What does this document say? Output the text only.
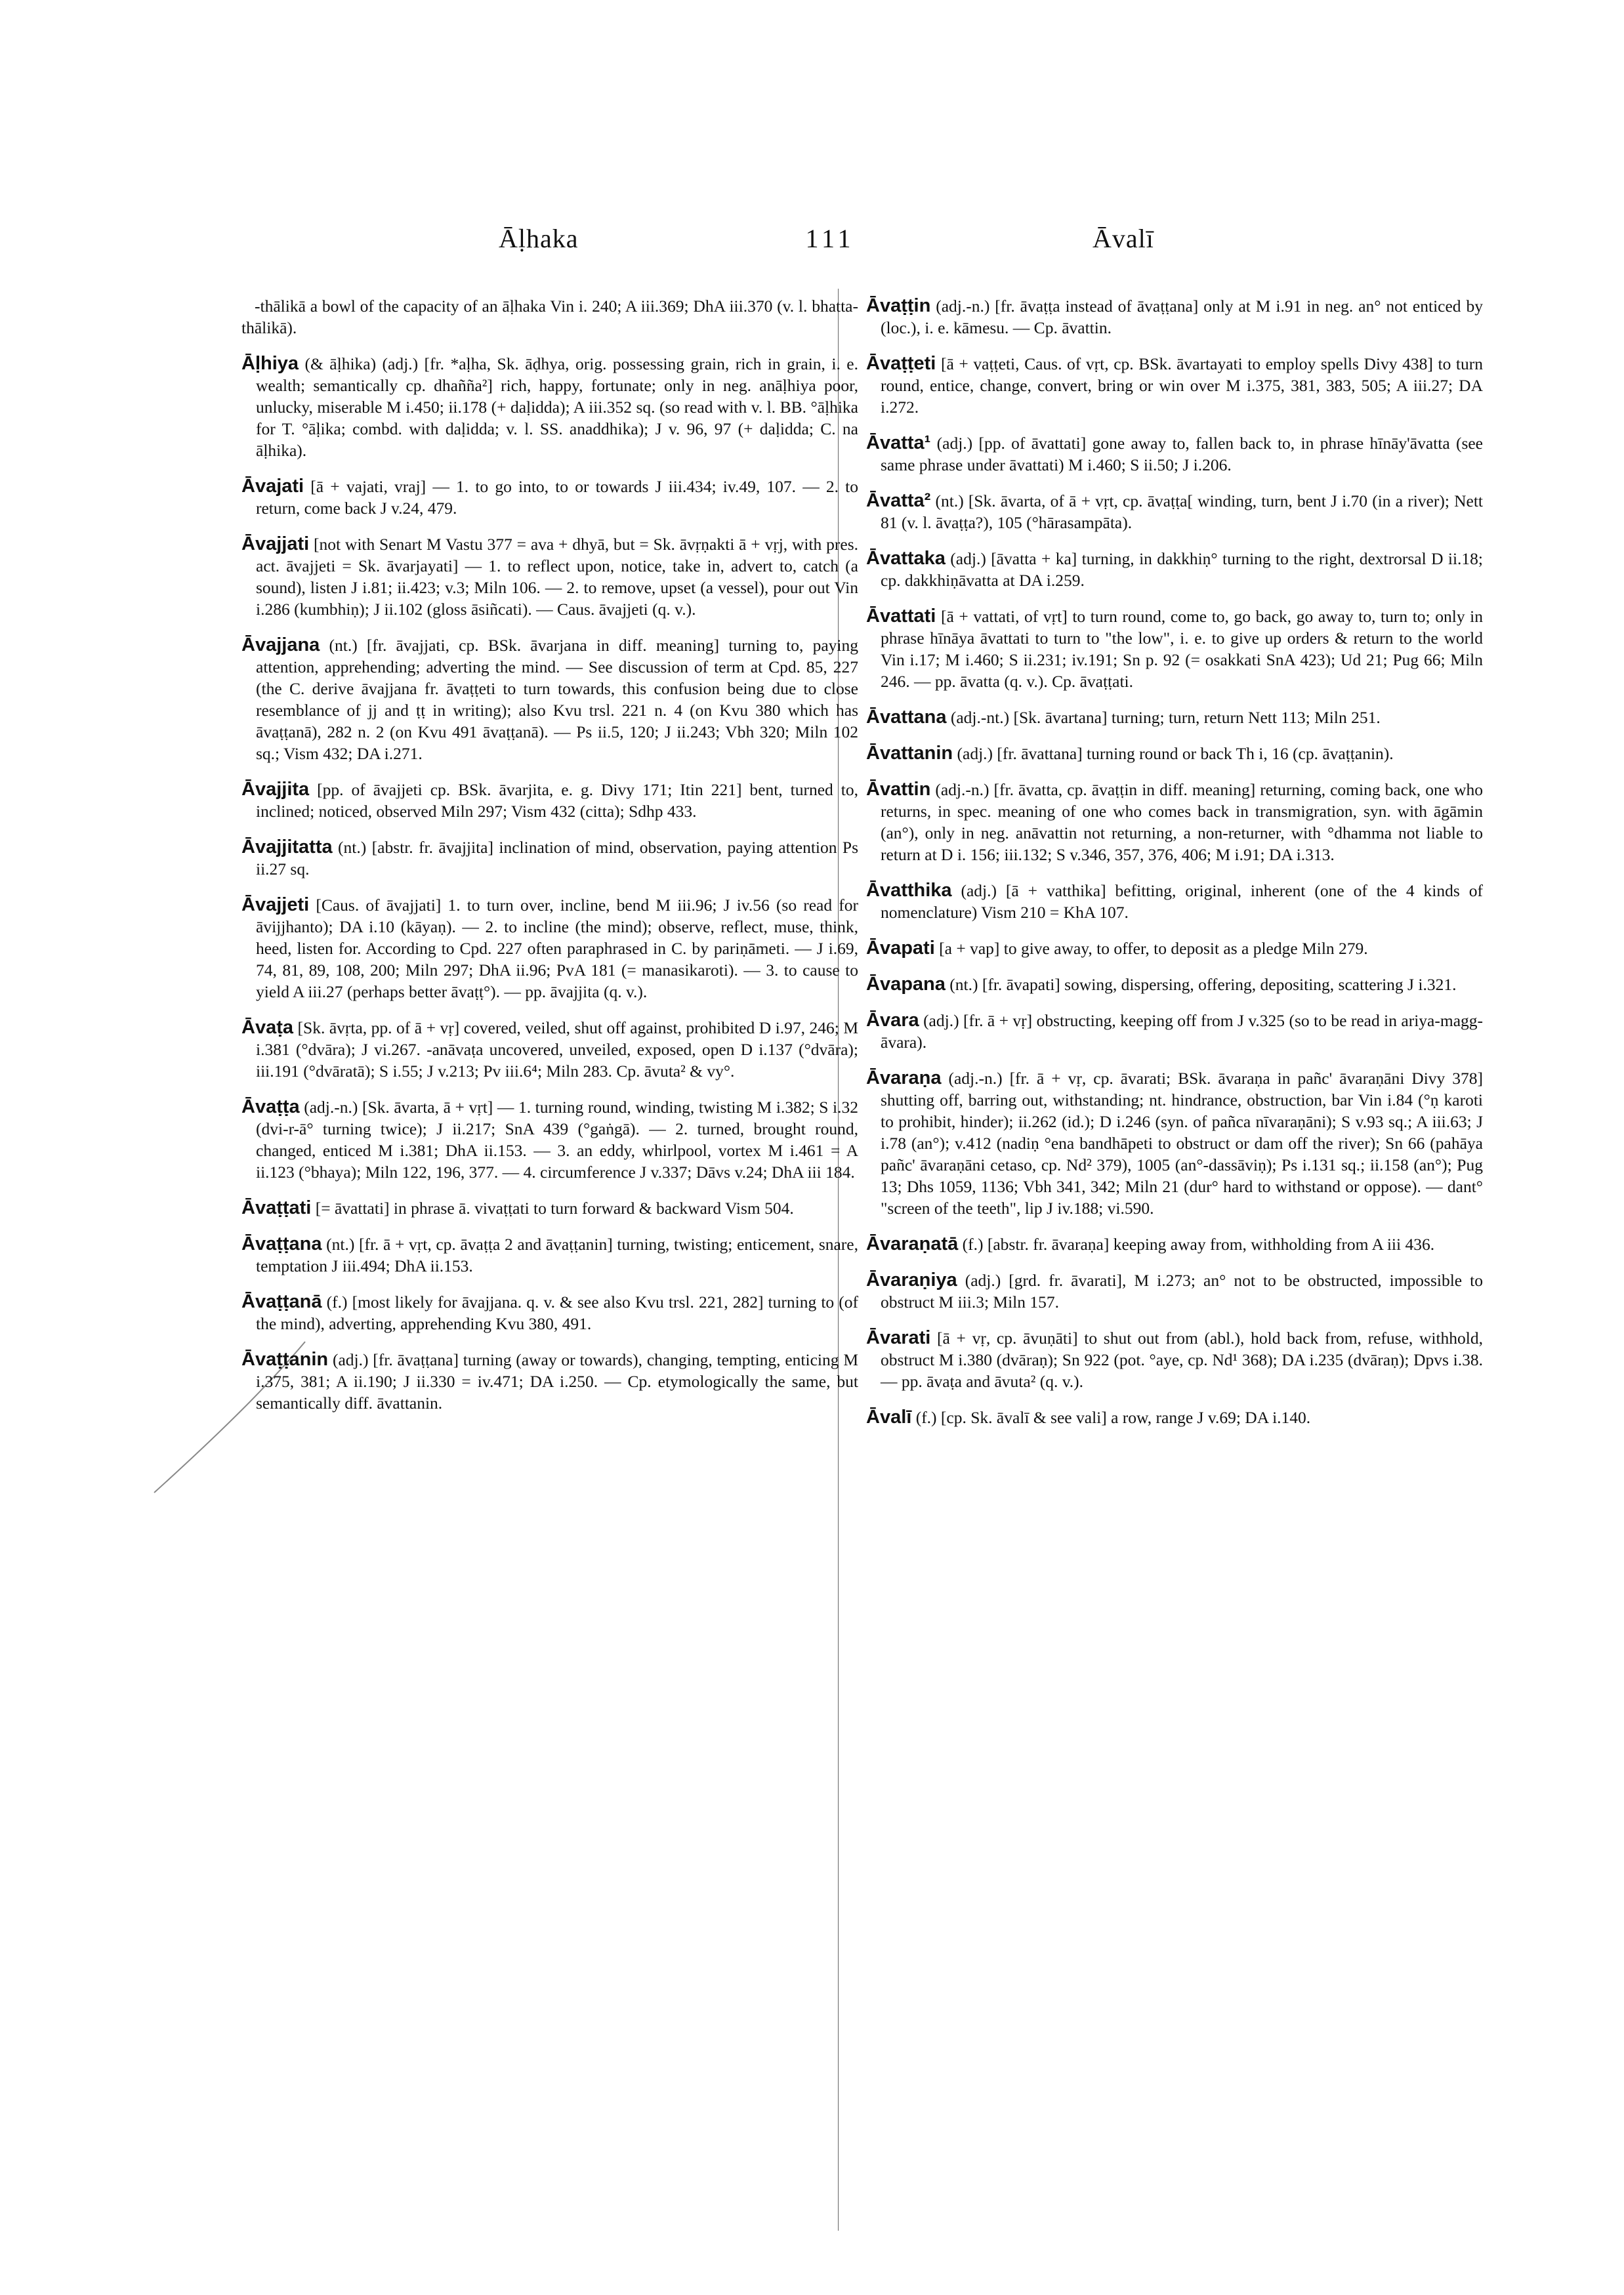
Āḷhaka	111	Āvalī

-thālikā a bowl of the capacity of an āḷhaka Vin i. 240; A iii.369; DhA iii.370 (v. l. bhatta-thālikā).

Āḷhiya (& āḷhika) (adj.) [fr. *aḷha, Sk. āḍhya, orig. possessing grain, rich in grain, i. e. wealth; semantically cp. dhañña²] rich, happy, fortunate; only in neg. anāḷhiya poor, unlucky, miserable M i.450; ii.178 (+ daḷidda); A iii.352 sq. (so read with v. l. BB. °āḷhika for T. °āḷika; combd. with daḷidda; v. l. SS. anaddhika); J v. 96, 97 (+ daḷidda; C. na āḷhika).

Āvajati [ā + vajati, vraj] — 1. to go into, to or towards J iii.434; iv.49, 107. — 2. to return, come back J v.24, 479.

Āvajjati [not with Senart M Vastu 377 = ava + dhyā, but = Sk. āvṛṇakti ā + vṛj, with pres. act. āvajjeti = Sk. āvarjayati] — 1. to reflect upon, notice, take in, advert to, catch (a sound), listen J i.81; ii.423; v.3; Miln 106. — 2. to remove, upset (a vessel), pour out Vin i.286 (kumbhiṇ); J ii.102 (gloss āsiñcati). — Caus. āvajjeti (q. v.).

Āvajjana (nt.) [fr. āvajjati, cp. BSk. āvarjana in diff. meaning] turning to, paying attention, apprehending; adverting the mind. — See discussion of term at Cpd. 85, 227 (the C. derive āvajjana fr. āvaṭṭeti to turn towards, this confusion being due to close resemblance of jj and ṭṭ in writing); also Kvu trsl. 221 n. 4 (on Kvu 380 which has āvaṭṭanā), 282 n. 2 (on Kvu 491 āvaṭṭanā). — Ps ii.5, 120; J ii.243; Vbh 320; Miln 102 sq.; Vism 432; DA i.271.

Āvajjita [pp. of āvajjeti cp. BSk. āvarjita, e. g. Divy 171; Itin 221] bent, turned to, inclined; noticed, observed Miln 297; Vism 432 (citta); Sdhp 433.

Āvajjitatta (nt.) [abstr. fr. āvajjita] inclination of mind, observation, paying attention Ps ii.27 sq.

Āvajjeti [Caus. of āvajjati] 1. to turn over, incline, bend M iii.96; J iv.56 (so read for āvijjhanto); DA i.10 (kāyaṇ). — 2. to incline (the mind); observe, reflect, muse, think, heed, listen for. According to Cpd. 227 often paraphrased in C. by pariṇāmeti. — J i.69, 74, 81, 89, 108, 200; Miln 297; DhA ii.96; PvA 181 (= manasikaroti). — 3. to cause to yield A iii.27 (perhaps better āvaṭṭ°). — pp. āvajjita (q. v.).

Āvaṭa [Sk. āvṛta, pp. of ā + vṛ] covered, veiled, shut off against, prohibited D i.97, 246; M i.381 (°dvāra); J vi.267. -anāvaṭa uncovered, unveiled, exposed, open D i.137 (°dvāra); iii.191 (°dvāratā); S i.55; J v.213; Pv iii.6⁴; Miln 283. Cp. āvuta² & vy°.

Āvaṭṭa (adj.-n.) [Sk. āvarta, ā + vṛt] — 1. turning round, winding, twisting M i.382; S i.32 (dvi-r-ā° turning twice); J ii.217; SnA 439 (°gaṅgā). — 2. turned, brought round, changed, enticed M i.381; DhA ii.153. — 3. an eddy, whirlpool, vortex M i.461 = A ii.123 (°bhaya); Miln 122, 196, 377. — 4. circumference J v.337; Dāvs v.24; DhA iii 184.

Āvaṭṭati [= āvattati] in phrase ā. vivaṭṭati to turn forward & backward Vism 504.

Āvaṭṭana (nt.) [fr. ā + vṛt, cp. āvaṭṭa 2 and āvaṭṭanin] turning, twisting; enticement, snare, temptation J iii.494; DhA ii.153.

Āvaṭṭanā (f.) [most likely for āvajjana. q. v. & see also Kvu trsl. 221, 282] turning to (of the mind), adverting, apprehending Kvu 380, 491.

Āvaṭṭanin (adj.) [fr. āvaṭṭana] turning (away or towards), changing, tempting, enticing M i.375, 381; A ii.190; J ii.330 = iv.471; DA i.250. — Cp. etymologically the same, but semantically diff. āvattanin.

Āvaṭṭin (adj.-n.) [fr. āvaṭṭa instead of āvaṭṭana] only at M i.91 in neg. an° not enticed by (loc.), i. e. kāmesu. — Cp. āvattin.

Āvaṭṭeti [ā + vaṭṭeti, Caus. of vṛt, cp. BSk. āvartayati to employ spells Divy 438] to turn round, entice, change, convert, bring or win over M i.375, 381, 383, 505; A iii.27; DA i.272.

Āvatta¹ (adj.) [pp. of āvattati] gone away to, fallen back to, in phrase hīnāy'āvatta (see same phrase under āvattati) M i.460; S ii.50; J i.206.

Āvatta² (nt.) [Sk. āvarta, of ā + vṛt, cp. āvaṭṭa[ winding, turn, bent J i.70 (in a river); Nett 81 (v. l. āvaṭṭa?), 105 (°hārasampāta).

Āvattaka (adj.) [āvatta + ka] turning, in dakkhiṇ° turning to the right, dextrorsal D ii.18; cp. dakkhiṇāvatta at DA i.259.

Āvattati [ā + vattati, of vṛt] to turn round, come to, go back, go away to, turn to; only in phrase hīnāya āvattati to turn to "the low", i. e. to give up orders & return to the world Vin i.17; M i.460; S ii.231; iv.191; Sn p. 92 (= osakkati SnA 423); Ud 21; Pug 66; Miln 246. — pp. āvatta (q. v.). Cp. āvaṭṭati.

Āvattana (adj.-nt.) [Sk. āvartana] turning; turn, return Nett 113; Miln 251.

Āvattanin (adj.) [fr. āvattana] turning round or back Th i, 16 (cp. āvaṭṭanin).

Āvattin (adj.-n.) [fr. āvatta, cp. āvaṭṭin in diff. meaning] returning, coming back, one who returns, in spec. meaning of one who comes back in transmigration, syn. with āgāmin (an°), only in neg. anāvattin not returning, a non-returner, with °dhamma not liable to return at D i. 156; iii.132; S v.346, 357, 376, 406; M i.91; DA i.313.

Āvatthika (adj.) [ā + vatthika] befitting, original, inherent (one of the 4 kinds of nomenclature) Vism 210 = KhA 107.

Āvapati [a + vap] to give away, to offer, to deposit as a pledge Miln 279.

Āvapana (nt.) [fr. āvapati] sowing, dispersing, offering, depositing, scattering J i.321.

Āvara (adj.) [fr. ā + vṛ] obstructing, keeping off from J v.325 (so to be read in ariya-magg-āvara).

Āvaraṇa (adj.-n.) [fr. ā + vṛ, cp. āvarati; BSk. āvaraṇa in pañc' āvaraṇāni Divy 378] shutting off, barring out, withstanding; nt. hindrance, obstruction, bar Vin i.84 (°ṇ karoti to prohibit, hinder); ii.262 (id.); D i.246 (syn. of pañca nīvaraṇāni); S v.93 sq.; A iii.63; J i.78 (an°); v.412 (nadiṇ °ena bandhāpeti to obstruct or dam off the river); Sn 66 (pahāya pañc' āvaraṇāni cetaso, cp. Nd² 379), 1005 (an°-dassāviṇ); Ps i.131 sq.; ii.158 (an°); Pug 13; Dhs 1059, 1136; Vbh 341, 342; Miln 21 (dur° hard to withstand or oppose). — dant° "screen of the teeth", lip J iv.188; vi.590.

Āvaraṇatā (f.) [abstr. fr. āvaraṇa] keeping away from, withholding from A iii 436.

Āvaraṇiya (adj.) [grd. fr. āvarati], M i.273; an° not to be obstructed, impossible to obstruct M iii.3; Miln 157.

Āvarati [ā + vṛ, cp. āvuṇāti] to shut out from (abl.), hold back from, refuse, withhold, obstruct M i.380 (dvāraṇ); Sn 922 (pot. °aye, cp. Nd¹ 368); DA i.235 (dvāraṇ); Dpvs i.38. — pp. āvaṭa and āvuta² (q. v.).

Āvalī (f.) [cp. Sk. āvalī & see vali] a row, range J v.69; DA i.140.
